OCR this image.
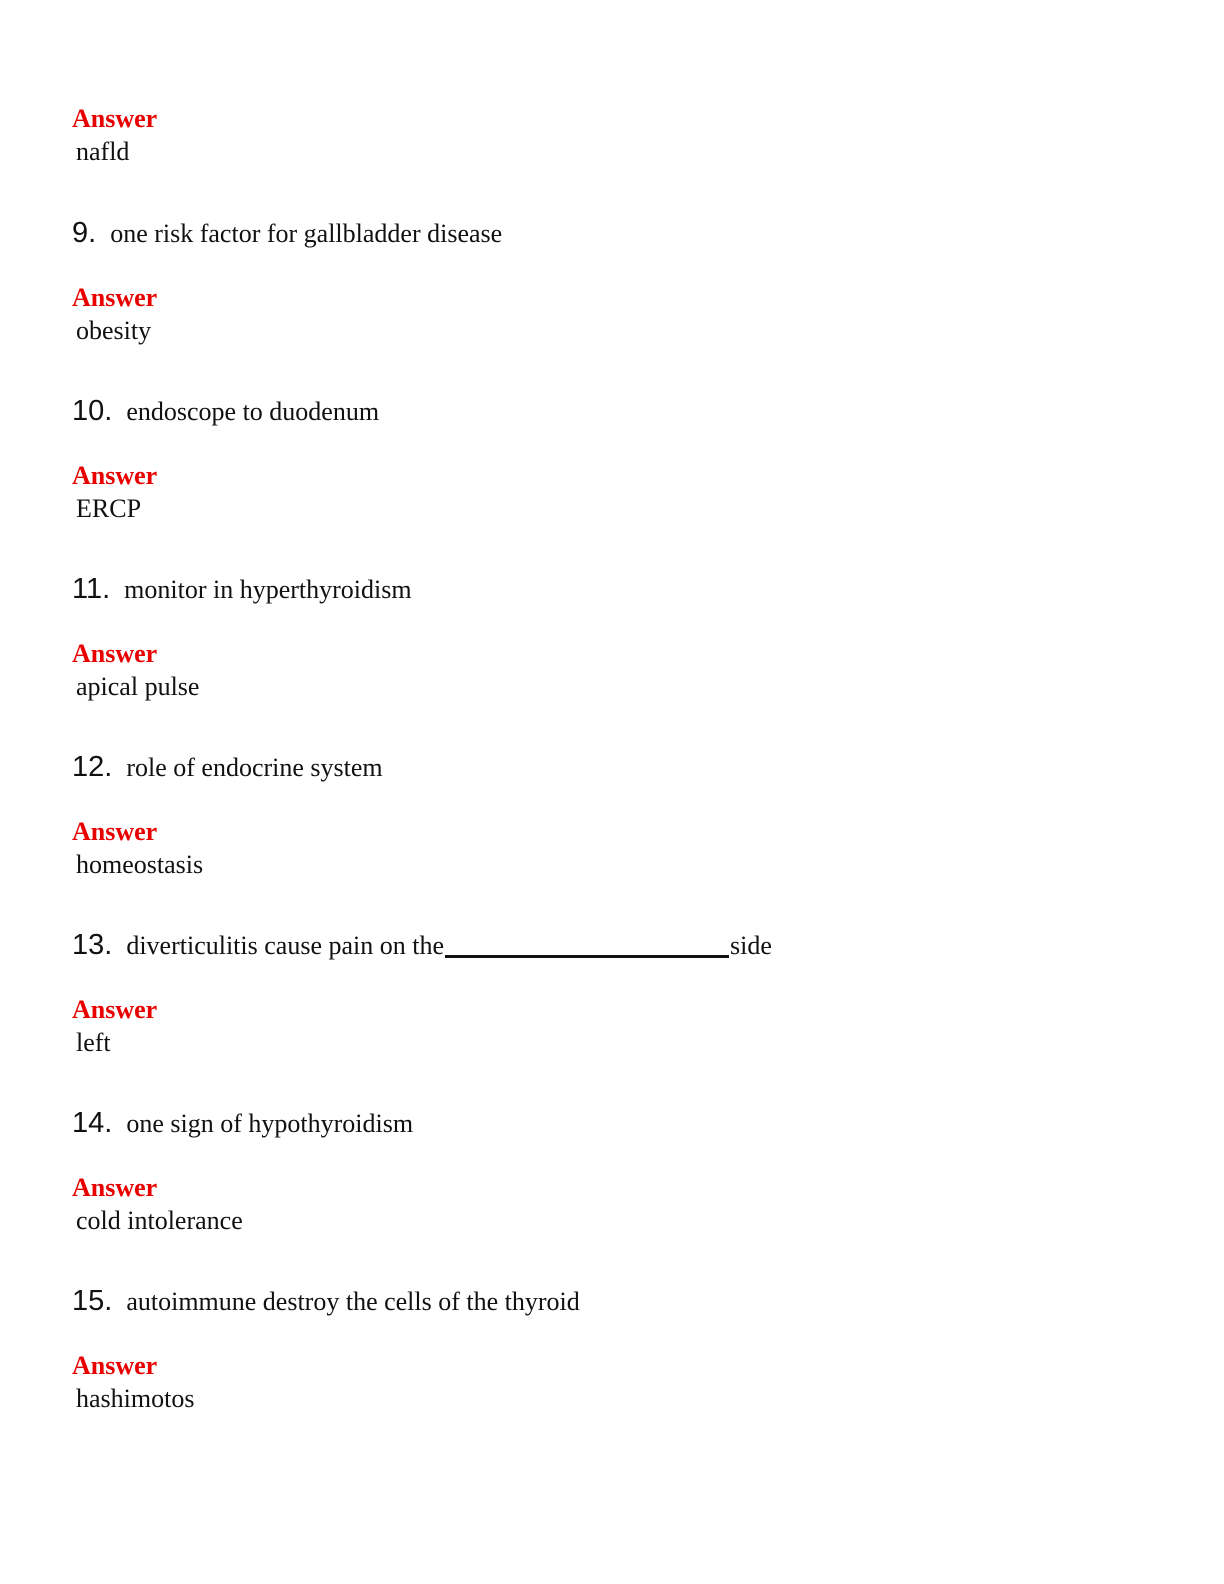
Answer
nafld
9. one risk factor for gallbladder disease
Answer
obesity
10. endoscope to duodenum
Answer
ERCP
11. monitor in hyperthyroidism
Answer
apical pulse
12. role of endocrine system
Answer
homeostasis
13. diverticulitis cause pain on the	side
Answer
left
14. one sign of hypothyroidism
Answer
cold intolerance
15. autoimmune destroy the cells of the thyroid
Answer
hashimotos
